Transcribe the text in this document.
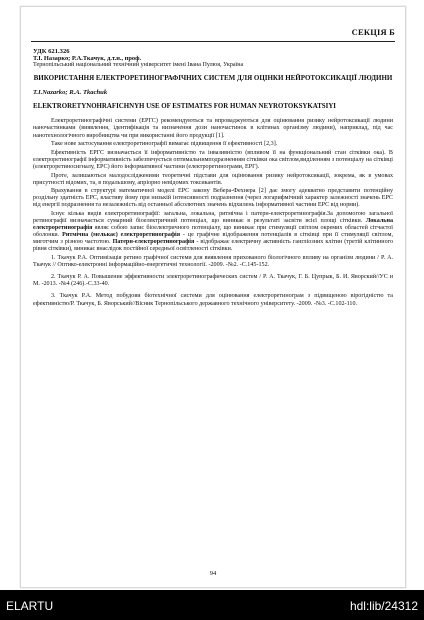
СЕКЦІЯ Б
УДК 621.326
Т.І. Назарко; Р.А.Ткачук, д.т.н., проф.
Тернопільський національний технічний університет імені Івана Пулюя, Україна
ВИКОРИСТАННЯ ЕЛЕКТРОРЕТИНОГРАФІЧНИХ СИСТЕМ ДЛЯ ОЦІНКИ НЕЙРОТОКСИКАЦІЇ ЛЮДИНИ
T.I.Nazarko; R.A. Tkachuk
ELEKTRORETYNOHRAFICHNYH USE OF ESTIMATES FOR HUMAN NEYROTOKSYKATSIYI

Електроретинографічні системи (ЕРГС) рекомендуються та впроваджуються для оцінювання ризику нейротоксикації людини наночастинками (виявлення, ідентифікація та визначення дози наночастинок в клітинах організму людини), наприклад, під час нанотехнологічного виробництва чи при використанні його продукції [1].

Таке нове застосування електроретинографії вимагає підвищення її ефективності [2,3].

Ефективність ЕРГС визначається її інформативністю та інвазивністю (впливом її на функціональний стан сітківки ока). В електроретинографії інформативність забезпечується оптимальнимподразненням сітківки ока світлом,виділенням з потенціалу на сітківці (електроретиносигналу, ЕРС) його інформативної частини (електроретинограми, ЕРГ).

Проте, залишаються малодослідженими теоретичні підстави для оцінювання ризику нейротоксикації, зокрема, як в умовах присутності відомих, та, в подальшому, апріорно невідомих токсикантів.

Врахування в структурі математичної моделі ЕРС закону Вебера-Фехнера [2] дає змогу адекватно представити потенційну роздільну здатність ЕРС, властиву йому при низькій інтенсивності подразнення (через логарифмічний характер залежності значень ЕРС від енергії подразнення та незалежність від останньої абсолютних значень відхилень інформативної частини ЕРС від норми).

Існує кілька видів електроретинографії: загальна, локальна, ритмічна і патерн-електроретинографія.За допомогою загальної ретинографії визначається сумарний біоелектричний потенціал, що виникає в результаті засвіти всієї площі сітківки. Локальна електроретинографія являє собою запис біоелектричного потенціалу, що виникає при стимуляції світлом окремих областей сітчастої оболонки. Ритмічна (мелькає) електроретинографія - це графічне відображення потенціалів в сітківці при її стимуляції світлом, миготчим з різною частотою. Патерн-електроретинографія - відображає електричну активність гангліозних клітин (третій клітинного рівня сітківки), виникає внаслідок постійної середньої освітленості сітківки.

1. Ткачук Р.А. Оптимізація ретино графічної системи для виявлення прихованого біологічного впливу на організм людини / Р. А. Ткачук // Оптико-електронні інформаційно-енергетичні технології. -2009. -№2. -С.145-152.

2. Ткачук Р. А. Повышение эффективности электроретинографических систем / Р. А. Ткачук, Г. Б. Цупрык, Б. И. Яворский//УС и М. -2013. -№4 (246).-С.33-40.

3. Ткачук Р.А. Метод побудови біотехнічної системи для оцінювання електроретинограм з підвищеною вірогідністю та ефективністю/Р. Ткачук, Б. Яворський//Вісник Тернопільського державного технічного університету. -2009. -№3. -С.102-110.

94
ELARTU	hdl:lib/24312
